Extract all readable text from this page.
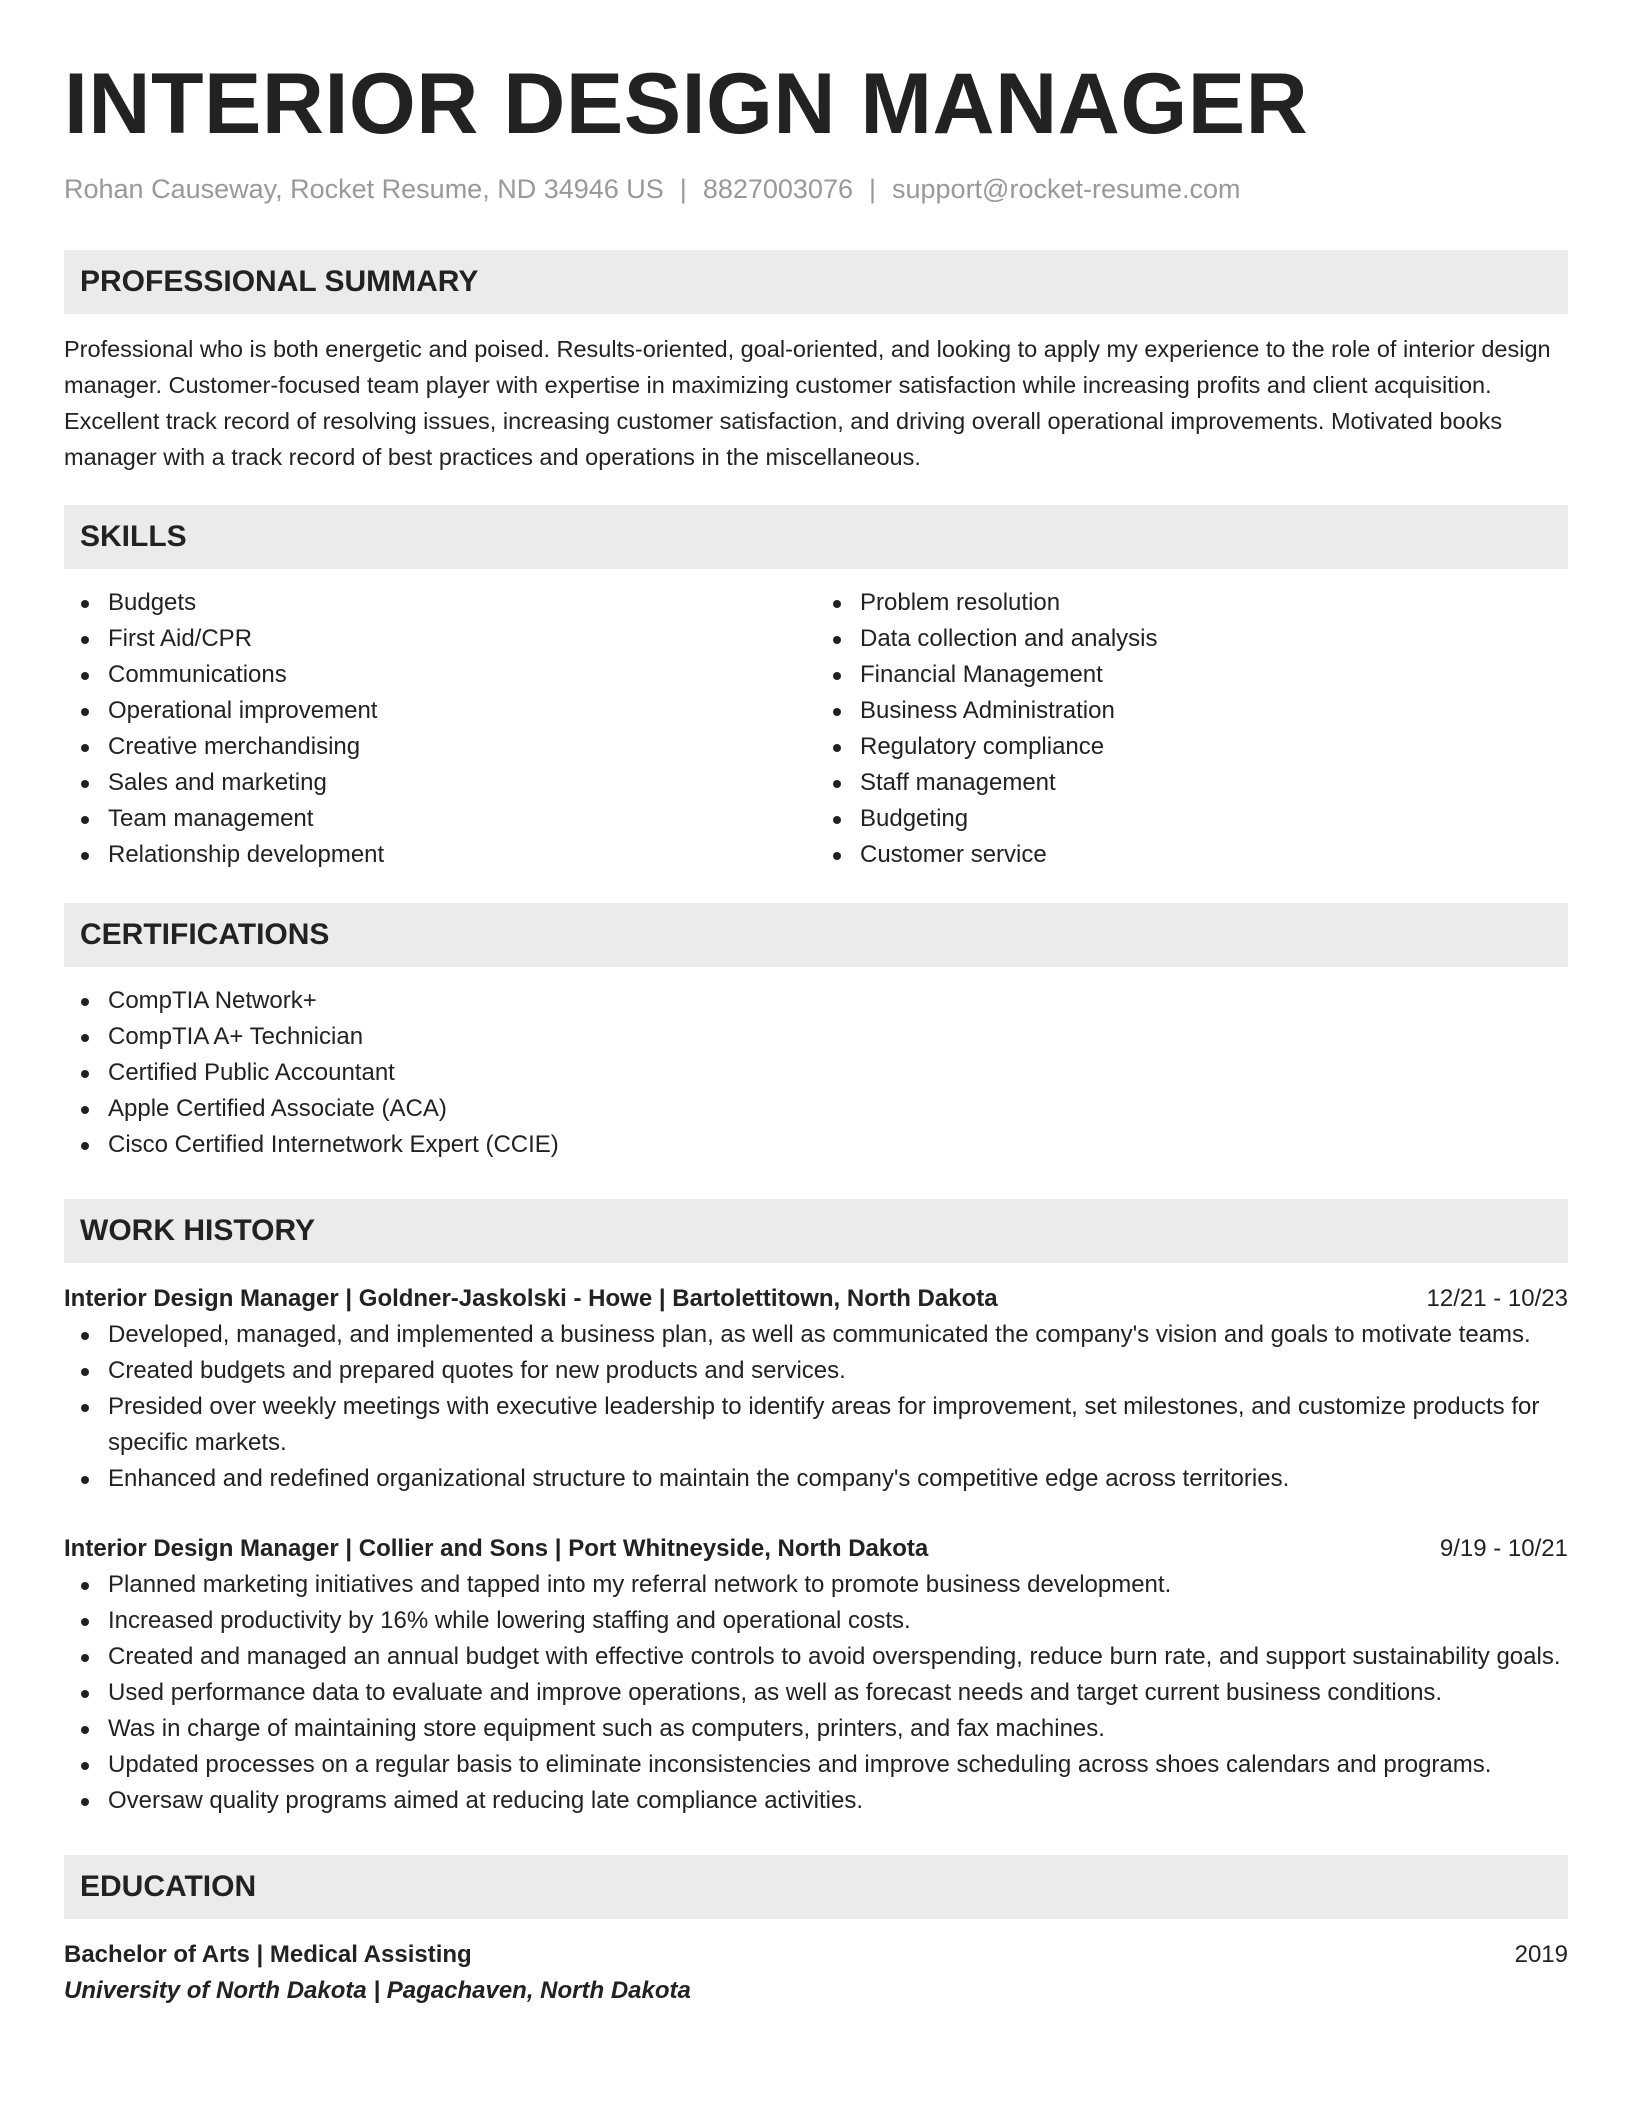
INTERIOR DESIGN MANAGER
Rohan Causeway, Rocket Resume, ND 34946 US | 8827003076 | support@rocket-resume.com
PROFESSIONAL SUMMARY

Professional who is both energetic and poised. Results-oriented, goal-oriented, and looking to apply my experience to the role of interior design manager. Customer-focused team player with expertise in maximizing customer satisfaction while increasing profits and client acquisition. Excellent track record of resolving issues, increasing customer satisfaction, and driving overall operational improvements. Motivated books manager with a track record of best practices and operations in the miscellaneous.

SKILLS
Budgets
First Aid/CPR
Communications
Operational improvement
Creative merchandising
Sales and marketing
Team management
Relationship development
Problem resolution
Data collection and analysis
Financial Management
Business Administration
Regulatory compliance
Staff management
Budgeting
Customer service
CERTIFICATIONS
CompTIA Network+
CompTIA A+ Technician
Certified Public Accountant
Apple Certified Associate (ACA)
Cisco Certified Internetwork Expert (CCIE)
WORK HISTORY
Interior Design Manager | Goldner-Jaskolski - Howe | Bartolettitown, North Dakota	12/21 - 10/23
Developed, managed, and implemented a business plan, as well as communicated the company's vision and goals to motivate teams.
Created budgets and prepared quotes for new products and services.
Presided over weekly meetings with executive leadership to identify areas for improvement, set milestones, and customize products for specific markets.
Enhanced and redefined organizational structure to maintain the company's competitive edge across territories.
Interior Design Manager | Collier and Sons | Port Whitneyside, North Dakota	9/19 - 10/21
Planned marketing initiatives and tapped into my referral network to promote business development.
Increased productivity by 16% while lowering staffing and operational costs.
Created and managed an annual budget with effective controls to avoid overspending, reduce burn rate, and support sustainability goals.
Used performance data to evaluate and improve operations, as well as forecast needs and target current business conditions.
Was in charge of maintaining store equipment such as computers, printers, and fax machines.
Updated processes on a regular basis to eliminate inconsistencies and improve scheduling across shoes calendars and programs.
Oversaw quality programs aimed at reducing late compliance activities.
EDUCATION
Bachelor of Arts | Medical Assisting	2019
University of North Dakota | Pagachaven, North Dakota
